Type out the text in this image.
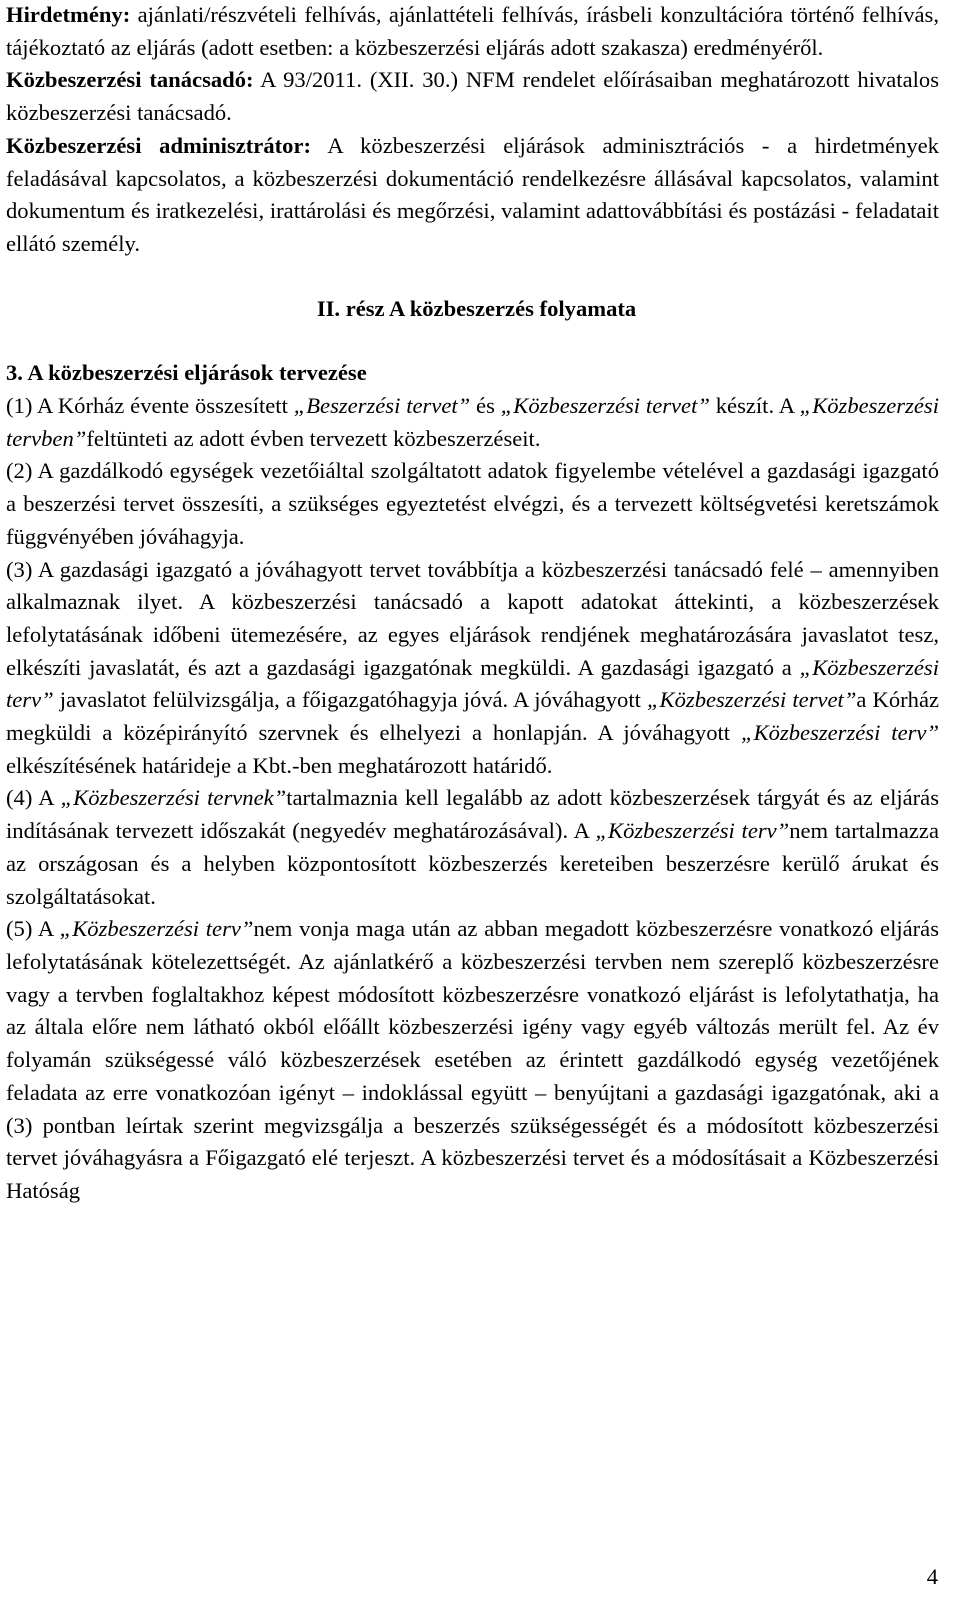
Hirdetmény: ajánlati/részvételi felhívás, ajánlattételi felhívás, írásbeli konzultációra történő felhívás, tájékoztató az eljárás (adott esetben: a közbeszerzési eljárás adott szakasza) eredményéről.

Közbeszerzési tanácsadó: A 93/2011. (XII. 30.) NFM rendelet előírásaiban meghatározott hivatalos közbeszerzési tanácsadó.

Közbeszerzési adminisztrátor: A közbeszerzési eljárások adminisztrációs - a hirdetmények feladásával kapcsolatos, a közbeszerzési dokumentáció rendelkezésre állásával kapcsolatos, valamint dokumentum és iratkezelési, irattárolási és megőrzési, valamint adattovábbítási és postázási - feladatait ellátó személy.

II. rész A közbeszerzés folyamata

3. A közbeszerzési eljárások tervezése

(1) A Kórház évente összesített „Beszerzési tervet” és „Közbeszerzési tervet” készít. A „Közbeszerzési tervben”feltünteti az adott évben tervezett közbeszerzéseit.

(2) A gazdálkodó egységek vezetőiáltal szolgáltatott adatok figyelembe vételével a gazdasági igazgató a beszerzési tervet összesíti, a szükséges egyeztetést elvégzi, és a tervezett költségvetési keretszámok függvényében jóváhagyja.

(3) A gazdasági igazgató a jóváhagyott tervet továbbítja a közbeszerzési tanácsadó felé – amennyiben alkalmaznak ilyet. A közbeszerzési tanácsadó a kapott adatokat áttekinti, a közbeszerzések lefolytatásának időbeni ütemezésére, az egyes eljárások rendjének meghatározására javaslatot tesz, elkészíti javaslatát, és azt a gazdasági igazgatónak megküldi. A gazdasági igazgató a „Közbeszerzési terv” javaslatot felülvizsgálja, a főigazgatóhagyja jóvá. A jóváhagyott „Közbeszerzési tervet”a Kórház megküldi a középirányító szervnek és elhelyezi a honlapján. A jóváhagyott „Közbeszerzési terv” elkészítésének határideje a Kbt.-ben meghatározott határidő.

(4) A „Közbeszerzési tervnek”tartalmaznia kell legalább az adott közbeszerzések tárgyát és az eljárás indításának tervezett időszakát (negyedév meghatározásával). A „Közbeszerzési terv”nem tartalmazza az országosan és a helyben központosított közbeszerzés kereteiben beszerzésre kerülő árukat és szolgáltatásokat.

(5) A „Közbeszerzési terv”nem vonja maga után az abban megadott közbeszerzésre vonatkozó eljárás lefolytatásának kötelezettségét. Az ajánlatkérő a közbeszerzési tervben nem szereplő közbeszerzésre vagy a tervben foglaltakhoz képest módosított közbeszerzésre vonatkozó eljárást is lefolytathatja, ha az általa előre nem látható okból előállt közbeszerzési igény vagy egyéb változás merült fel. Az év folyamán szükségessé váló közbeszerzések esetében az érintett gazdálkodó egység vezetőjének feladata az erre vonatkozóan igényt – indoklással együtt – benyújtani a gazdasági igazgatónak, aki a (3) pontban leírtak szerint megvizsgálja a beszerzés szükségességét és a módosított közbeszerzési tervet jóváhagyásra a Főigazgató elé terjeszt. A közbeszerzési tervet és a módosításait a Közbeszerzési Hatóság

4
